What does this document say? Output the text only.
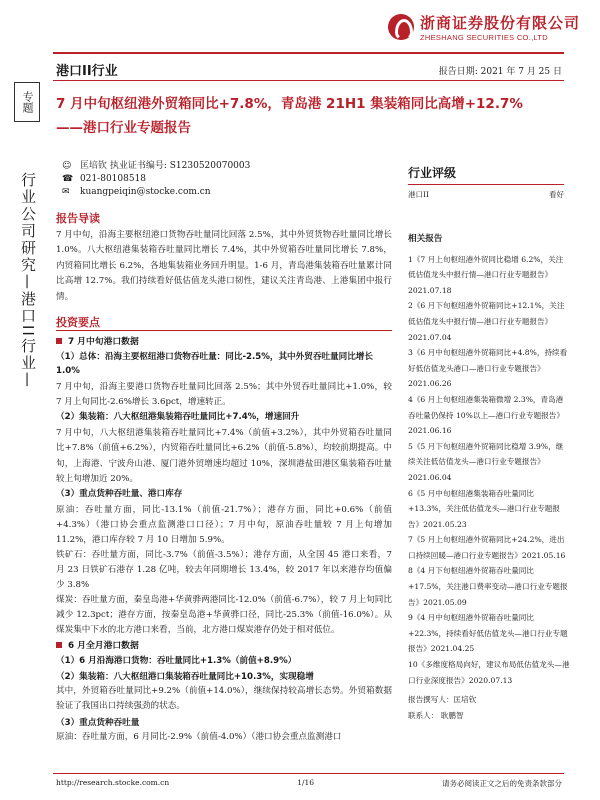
浙商证券股份有限公司
ZHESHANG SECURITIES CO.,LTD
港口II行业	报告日期: 2021 年 7 月 25 日
专题
行业公司研究—港口II行业—
7 月中旬枢纽港外贸箱同比+7.8%，青岛港 21H1 集装箱同比高增+12.7%
——港口行业专题报告
☺ 匡培钦 执业证书编号: S1230520070003
☎ 021-80108518
✉	kuangpeiqin@stocke.com.cn
报告导读
7 月中旬，沿海主要枢纽港口货物吞吐量同比回落 2.5%，其中外贸货物吞吐量同比增长 1.0%。八大枢纽港集装箱吞吐量同比增长 7.4%，其中外贸箱吞吐量同比增长 7.8%，内贸箱同比增长 6.2%，各地集装箱业务回升明显。1-6 月，青岛港集装箱吞吐量累计同比高增 12.7%。我们持续看好低估值龙头港口韧性，建议关注青岛港、上港集团中报行情。
投资要点
7 月中旬港口数据
（1）总体：沿海主要枢纽港口货物吞吐量：同比-2.5%，其中外贸吞吐量同比增长 1.0%
7 月中旬，沿海主要港口货物吞吐量同比回落 2.5%；其中外贸吞吐量同比+1.0%，较 7 月上旬同比-2.6%增长 3.6pct，增速转正。
（2）集装箱：八大枢纽港集装箱吞吐量同比+7.4%，增速回升
7 月中旬，八大枢纽港集装箱吞吐量同比+7.4%（前值+3.2%），其中外贸箱吞吐量同比+7.8%（前值+6.2%），内贸箱吞吐量同比+6.2%（前值-5.8%），均较前期提高。中旬，上海港、宁波舟山港、厦门港外贸增速均超过 10%，深圳港盐田港区集装箱吞吐量较上旬增加近 20%。
（3）重点货种吞吐量、港口库存
原油：吞吐量方面，同比-13.1%（前值-21.7%）；港存方面，同比+0.6%（前值+4.3%）（港口协会重点监测港口口径）；7 月中旬，原油吞吐量较 7 月上旬增加 11.2%，港口库存较 7 月 10 日增加 5.9%。
铁矿石：吞吐量方面，同比-3.7%（前值-3.5%）；港存方面，从全国 45 港口来看，7 月 23 日铁矿石港存 1.28 亿吨，较去年同期增长 13.4%，较 2017 年以来港存均值偏少 3.8%
煤炭：吞吐量方面，秦皇岛港+华黄骅两港同比-12.0%（前值-6.7%），较 7 月上旬同比减少 12.3pct；港存方面，按秦皇岛港+华黄骅口径，同比-25.3%（前值-16.0%）。从煤炭集中下水的北方港口来看，当前，北方港口煤炭港存仍处于相对低位。
6 月全月港口数据
（1）6 月沿海港口货物：吞吐量同比+1.3%（前值+8.9%）
（2）集装箱：八大枢纽港口集装箱吞吐量同比+10.3%，实现稳增
其中，外贸箱吞吐量同比+9.2%（前值+14.0%），继续保持较高增长态势。外贸箱数据验证了我国出口持续强劲的状态。
（3）重点货种吞吐量
原油：吞吐量方面，6 月同比-2.9%（前值-4.0%）（港口协会重点监测港口
行业评级
港口II	看好
相关报告
1《7 月上旬枢纽港外贸同比稳增 6.2%，关注低估值龙头中报行情—港口行业专题报告》2021.07.18
2《6 月下旬枢纽港外贸箱同比+12.1%，关注低估值龙头中报行情—港口行业专题报告》2021.07.04
3《6 月中旬枢纽港外贸箱同比+4.8%，持续看好低估值龙头港口—港口行业专题报告》2021.06.26
4《6 月上旬枢纽港集装箱微增 2.3%，青岛港吞吐量仍保持 10%以上—港口行业专题报告》2021.06.16
5《5 月下旬枢纽港外贸箱同比稳增 3.9%，继续关注低估值龙头—港口行业专题报告》2021.06.04
6《5 月中旬枢纽港集装箱吞吐量同比+13.3%，关注低估值龙头—港口行业专题报告》2021.05.23
7《5 月上旬枢纽港外贸箱同比+24.2%，进出口持续回暖—港口行业专题报告》2021.05.16
8《4 月下旬枢纽港外贸箱吞吐量同比+17.5%，关注港口费率变动—港口行业专题报告》2021.05.09
9《4 月中旬枢纽港外贸箱吞吐量同比+22.3%，持续看好低估值龙头—港口行业专题报告》2021.04.25
10《多维度格局向好，建议布局低估值龙头—港口行业深度报告》2020.07.13
报告撰写人：匡培钦
联系人： 耿鹏智
http://research.stocke.com.cn	1/16	请务必阅读正文之后的免责条款部分
